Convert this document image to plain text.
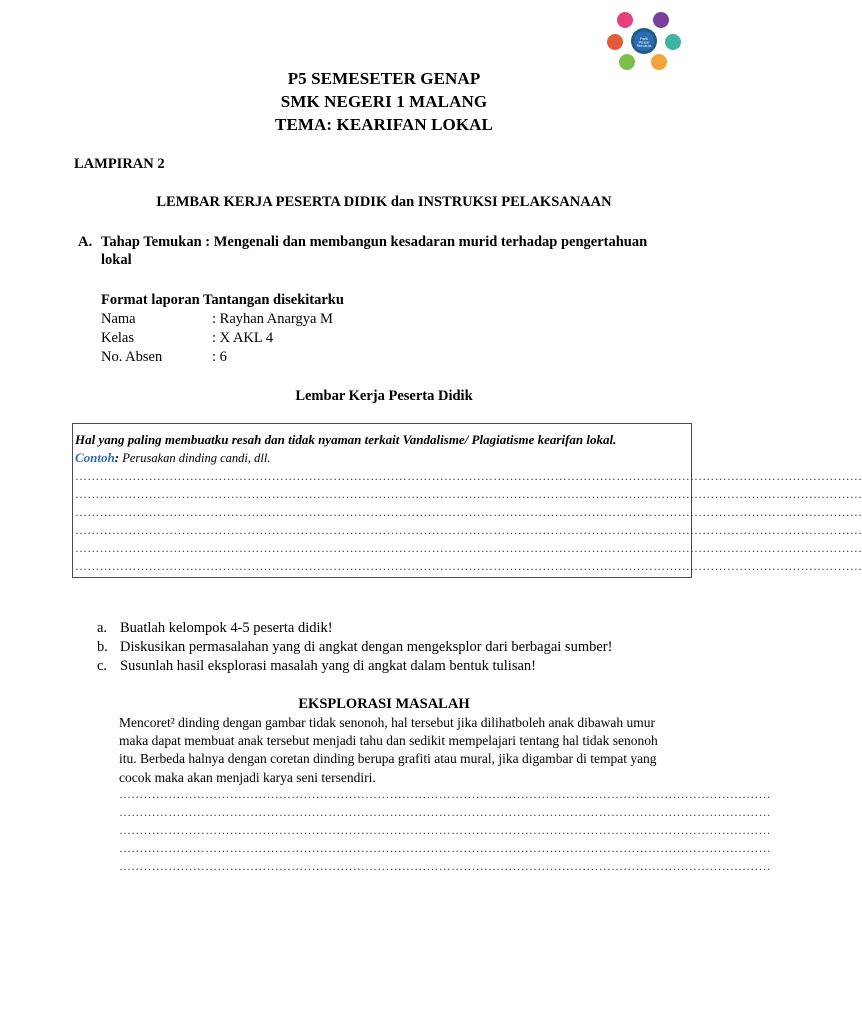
Profil
Pelajar
Pancasila
P5 SEMESETER GENAP
SMK NEGERI 1 MALANG
TEMA: KEARIFAN LOKAL
LAMPIRAN 2
LEMBAR KERJA PESERTA DIDIK dan INSTRUKSI PELAKSANAAN
A. Tahap Temukan : Mengenali dan membangun kesadaran murid terhadap pengertahuan
lokal
Format laporan Tantangan disekitarku
Nama	: Rayhan Anargya M
Kelas	: X AKL 4
No. Absen	: 6
Lembar Kerja Peserta Didik
Hal yang paling membuatku resah dan tidak nyaman terkait Vandalisme/ Plagiatisme kearifan lokal.
Contoh: Perusakan dinding candi, dll.
…………………………………………………………………………………………………………………………………………………………………………
…………………………………………………………………………………………………………………………………………………………………………
…………………………………………………………………………………………………………………………………………………………………………
…………………………………………………………………………………………………………………………………………………………………………
…………………………………………………………………………………………………………………………………………………………………………
…………………………………………………………………………………………………………………………………………………………………………
a. Buatlah kelompok 4-5 peserta didik!
b. Diskusikan permasalahan yang di angkat dengan mengeksplor dari berbagai sumber!
c. Susunlah hasil eksplorasi masalah yang di angkat dalam bentuk tulisan!
EKSPLORASI MASALAH
Mencoret² dinding dengan gambar tidak senonoh, hal tersebut jika dilihatboleh anak dibawah umur
maka dapat membuat anak tersebut menjadi tahu dan sedikit mempelajari tentang hal tidak senonoh
itu. Berbeda halnya dengan coretan dinding berupa grafiti atau mural, jika digambar di tempat yang
cocok maka akan menjadi karya seni tersendiri.
……………………………………………………………………………………………………………………………………………
……………………………………………………………………………………………………………………………………………
……………………………………………………………………………………………………………………………………………
……………………………………………………………………………………………………………………………………………
……………………………………………………………………………………………………………………………………………
